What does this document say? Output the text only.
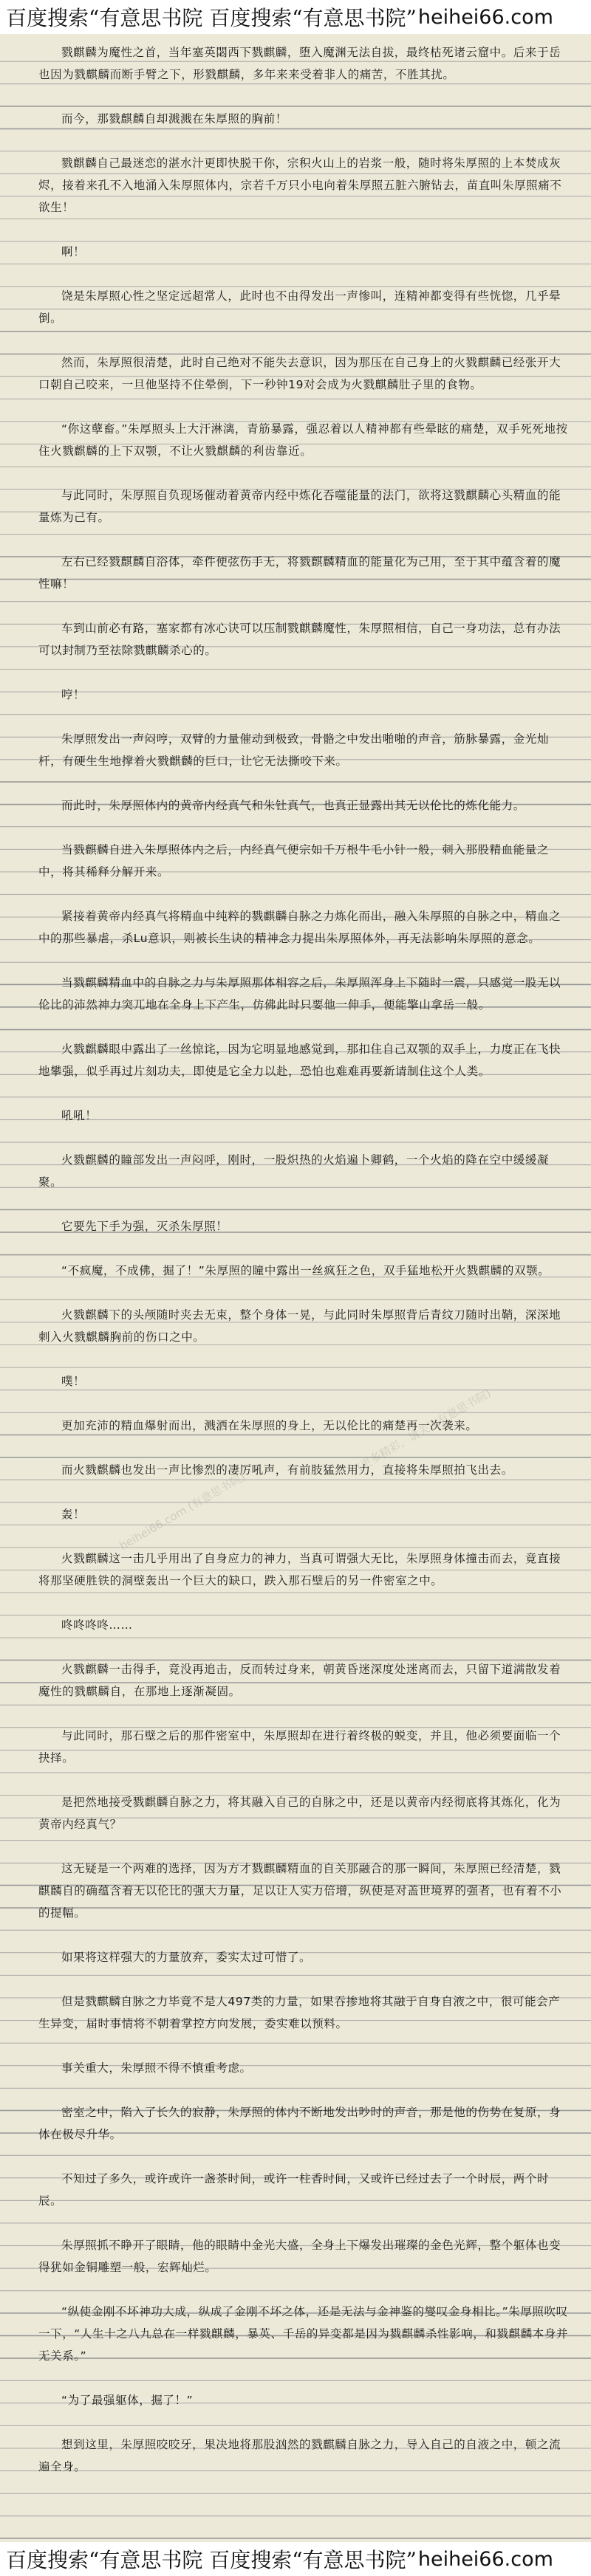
百度搜索“有意思书院 百度搜索“有意思书院” heihei66.com

戮麒麟为魔性之首，当年塞英閟西下戮麒麟，堕入魔渊无法自拔，最终枯死诸云窟中。后来于岳也因为戮麒麟而断手臂之下，形戮麒麟，多年来来受着非人的痛苦，不胜其扰。

而今，那戮麒麟自却溅溅在朱厚照的胸前！

戮麒麟自己最迷恋的湛水汁更即快脱干你，宗积火山上的岩浆一般，随时将朱厚照的上本焚成灰烬，接着来孔不入地涌入朱厚照体内，宗若千万只小电向着朱厚照五脏六腑钻去，苗直叫朱厚照痛不欲生！

啊！

饶是朱厚照心性之坚定远超常人，此时也不由得发出一声惨叫，连精神都变得有些恍惚，几乎晕倒。

然而，朱厚照很清楚，此时自己绝对不能失去意识，因为那压在自己身上的火戮麒麟已经张开大口朝自己咬来，一旦他坚持不住晕倒，下一秒钟19对会成为火戮麒麟肚子里的食物。

“你这孽畜。”朱厚照头上大汗淋漓，青筋暴露，强忍着以人精神都有些晕眩的痛楚，双手死死地按住火戮麒麟的上下双颚，不让火戮麒麟的利齿靠近。

与此同时，朱厚照自负现场催动着黄帝内经中炼化吞噬能量的法门，欲将这戮麒麟心头精血的能量炼为己有。

左右已经戮麒麟自浴体，牵件便弦伤手无，将戮麒麟精血的能量化为己用，至于其中蕴含着的魔性嘛！

车到山前必有路，塞家都有冰心诀可以压制戮麒麟魔性，朱厚照相信，自己一身功法，总有办法可以封制乃至祛除戮麒麟杀心的。

哼！

朱厚照发出一声闷哼，双臂的力量催动到极致，骨骼之中发出啪啪的声音，筋脉暴露，金光灿杆，有硬生生地撑着火戮麒麟的巨口，让它无法撕咬下来。

而此时，朱厚照体内的黄帝内经真气和朱钍真气，也真正显露出其无以伦比的炼化能力。

当戮麒麟自进入朱厚照体内之后，内经真气便宗如千万根牛毛小针一般，刺入那股精血能量之中，将其稀释分解开来。

紧接着黄帝内经真气将精血中纯粹的戮麒麟自脉之力炼化而出，融入朱厚照的自脉之中，精血之中的那些暴虐，杀Lu意识，则被长生诀的精神念力提出朱厚照体外，再无法影响朱厚照的意念。

当戮麒麟精血中的自脉之力与朱厚照那体相容之后，朱厚照浑身上下随时一震，只感觉一股无以伦比的沛然神力突兀地在全身上下产生，仿佛此时只要他一伸手，便能擎山拿岳一般。

火戮麒麟眼中露出了一丝惊诧，因为它明显地感觉到，那扣住自己双颚的双手上，力度正在飞快地攀强，似乎再过片刻功夫，即使是它全力以赴，恐怕也难难再要新请制住这个人类。

吼吼！

火戮麒麟的瞳部发出一声闷呼，刚时，一股炽热的火焰遍卜卿鹤，一个火焰的降在空中缓缓凝聚。

它要先下手为强，灭杀朱厚照！

“不疯魔，不成佛，掘了！”朱厚照的瞳中露出一丝疯狂之色，双手猛地松开火戮麒麟的双颚。

火戮麒麟下的头颅随时夹去无束，整个身体一晃，与此同时朱厚照背后青纹刀随时出鞘，深深地刺入火戮麒麟胸前的伤口之中。

噗！

更加充沛的精血爆射而出，溅洒在朱厚照的身上，无以伦比的痛楚再一次袭来。

而火戮麒麟也发出一声比惨烈的凄厉吼声，有前肢猛然用力，直接将朱厚照拍飞出去。

轰！

火戮麒麟这一击几乎用出了自身应力的神力，当真可谓强大无比，朱厚照身体撞击而去，竟直接将那坚硬胜铁的洞壁轰出一个巨大的缺口，跌入那石壁后的另一件密室之中。

咚咚咚咚……

火戮麒麟一击得手，竟没再追击，反而转过身来，朝黄昏迷深度处迷离而去，只留下道满散发着魔性的戮麒麟自，在那地上逐渐凝固。

与此同时，那石壁之后的那件密室中，朱厚照却在进行着终极的蜕变，并且，他必须要面临一个抉择。

是把然地接受戮麒麟自脉之力，将其融入自己的自脉之中，还是以黄帝内经彻底将其炼化，化为黄帝内经真气？

这无疑是一个两难的选择，因为方才戮麒麟精血的自关那融合的那一瞬间，朱厚照已经清楚，戮麒麟自的确蕴含着无以伦比的强大力量，足以让人实力倍增，纵使是对盖世境界的强者，也有着不小的提幅。

如果将这样强大的力量放弃，委实太过可惜了。

但是戮麒麟自脉之力毕竟不是人497类的力量，如果吞掺地将其融于自身自液之中，很可能会产生异变，届时事情将不朝着掌控方向发展，委实难以预料。

事关重大，朱厚照不得不慎重考虑。

密室之中，陷入了长久的寂静，朱厚照的体内不断地发出吵时的声音，那是他的伤势在复原，身体在极尽升华。

不知过了多久，或许或许一盏茶时间，或许一柱香时间，又或许已经过去了一个时辰，两个时辰。

朱厚照抓不睁开了眼睛，他的眼睛中金光大盛，全身上下爆发出璀璨的金色光辉，整个躯体也变得犹如金铜雕塑一般，宏辉灿烂。

“纵使金刚不坏神功大成，纵成了金刚不坏之体，还是无法与金神鉴的燮叹金身相比。”朱厚照吹叹一下，“人生十之八九总在一样戮麒麟，暴英、千岳的异变都是因为戮麒麟杀性影响，和戮麒麟本身并无关系。”

“为了最强躯体，掘了！”

想到这里，朱厚照咬咬牙，果决地将那股汹然的戮麒麟自脉之力，导入自己的自液之中，顿之流遍全身。

(更多精彩，请关注有意思书院)
heihei66.com (有意思书院)
百度搜索“有意思书院 百度搜索“有意思书院” heihei66.com
